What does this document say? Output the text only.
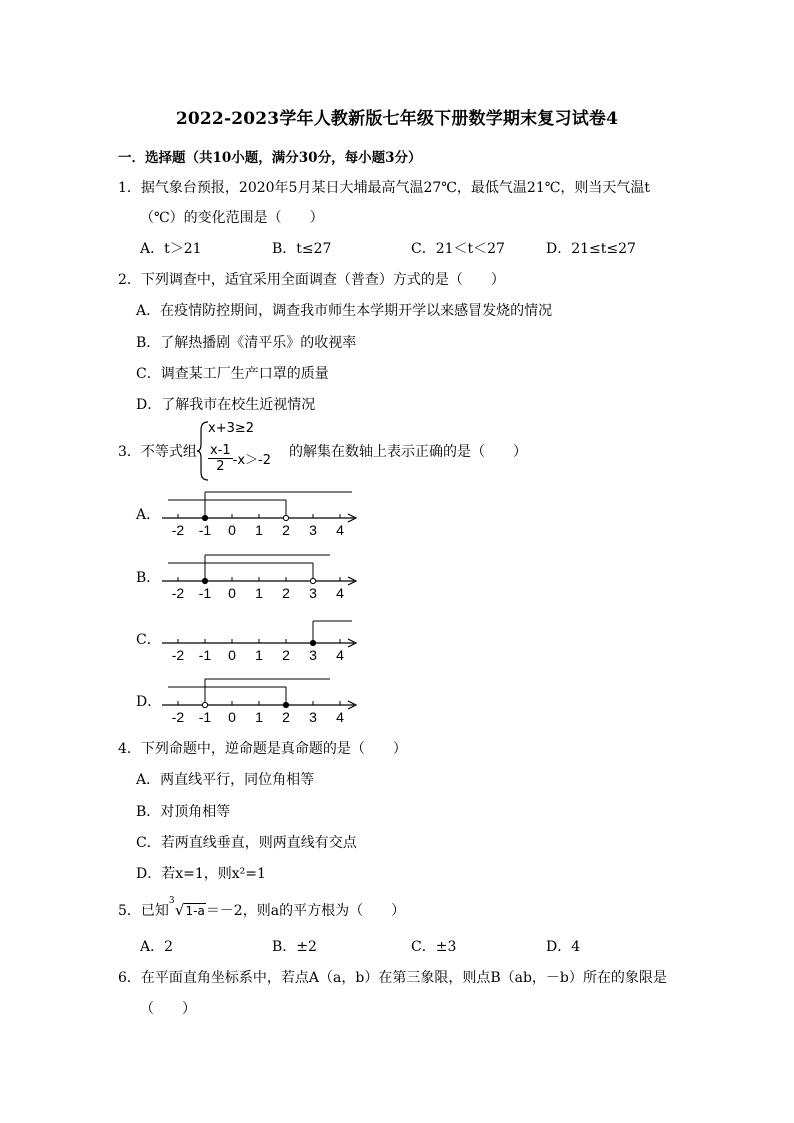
2022-2023学年人教新版七年级下册数学期末复习试卷4
一．选择题（共10小题，满分30分，每小题3分）
1．据气象台预报，2020年5月某日大埔最高气温27℃，最低气温21℃，则当天气温t
（℃）的变化范围是（　　）
A．t＞21	B．t≤27	C．21＜t＜27	D．21≤t≤27
2．下列调查中，适宜采用全面调查（普查）方式的是（　　）
A．在疫情防控期间，调查我市师生本学期开学以来感冒发烧的情况
B．了解热播剧《清平乐》的收视率
C．调查某工厂生产口罩的质量
D．了解我市在校生近视情况
3．不等式组
x+3≥2
$\frac{x-1}{2} -x>-2$
的解集在数轴上表示正确的是（　　）
A．
-2 -1 0 1 2 3 4
B．
-2 -1 0 1 2 3 4
C．
-2 -1 0 1 2 3 4
D．
-2 -1 0 1 2 3 4
4．下列命题中，逆命题是真命题的是（　　）
A．两直线平行，同位角相等
B．对顶角相等
C．若两直线垂直，则两直线有交点
D．若x=1，则x²=1
5．已知
3 √1-a＝－2，则a的平方根为（　　）
A．2	B．±2	C．±3	D．4
6．在平面直角坐标系中，若点A（a，b）在第三象限，则点B（ab，－b）所在的象限是
（　　）
